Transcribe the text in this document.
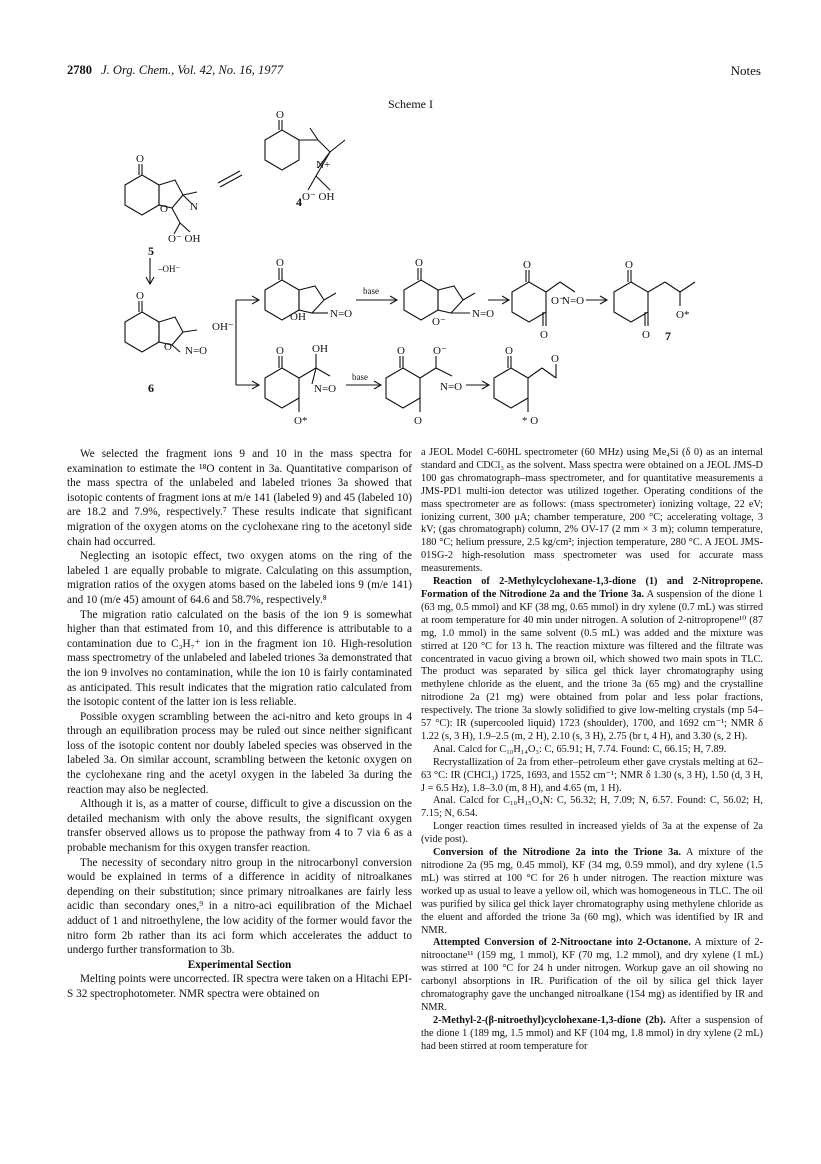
2780 J. Org. Chem., Vol. 42, No. 16, 1977	Notes
Scheme I
4
5
–OH⁻
6
OH⁻
base
base
7
O
N+
O⁻ OH
O
O N
O⁻ OH
O
O N=O
O
OH N=O
O
O⁻
N=O
O
O⁻
N=O
O
O
O*
O
O	OH
N=O
O*
O	O⁻
N=O
O
O
O
* O

We selected the fragment ions 9 and 10 in the mass spectra for examination to estimate the ¹⁸O content in 3a. Quantitative comparison of the mass spectra of the unlabeled and labeled triones 3a showed that isotopic contents of fragment ions at m/e 141 (labeled 9) and 45 (labeled 10) are 18.2 and 7.9%, respectively.⁷ These results indicate that significant migration of the oxygen atoms on the cyclohexane ring to the acetonyl side chain had occurred.

Neglecting an isotopic effect, two oxygen atoms on the ring of the labeled 1 are equally probable to migrate. Calculating on this assumption, migration ratios of the oxygen atoms based on the labeled ions 9 (m/e 141) and 10 (m/e 45) amount of 64.6 and 58.7%, respectively.⁸

The migration ratio calculated on the basis of the ion 9 is somewhat higher than that estimated from 10, and this difference is attributable to a contamination due to C₃H₇⁺ ion in the fragment ion 10. High-resolution mass spectrometry of the unlabeled and labeled triones 3a demonstrated that the ion 9 involves no contamination, while the ion 10 is fairly contaminated as anticipated. This result indicates that the migration ratio calculated from the isotopic content of the latter ion is less reliable.

Possible oxygen scrambling between the aci-nitro and keto groups in 4 through an equilibration process may be ruled out since neither significant loss of the isotopic content nor doubly labeled species was observed in the labeled 3a. On similar account, scrambling between the ketonic oxygen on the cyclohexane ring and the acetyl oxygen in the labeled 3a during the reaction may also be neglected.

Although it is, as a matter of course, difficult to give a discussion on the detailed mechanism with only the above results, the significant oxygen transfer observed allows us to propose the pathway from 4 to 7 via 6 as a probable mechanism for this oxygen transfer reaction.

The necessity of secondary nitro group in the nitrocarbonyl conversion would be explained in terms of a difference in acidity of nitroalkanes depending on their substitution; since primary nitroalkanes are fairly less acidic than secondary ones,⁹ in a nitro-aci equilibration of the Michael adduct of 1 and nitroethylene, the low acidity of the former would favor the nitro form 2b rather than its aci form which accelerates the adduct to undergo further transformation to 3b.

Experimental Section

Melting points were uncorrected. IR spectra were taken on a Hitachi EPI-S 32 spectrophotometer. NMR spectra were obtained on

a JEOL Model C-60HL spectrometer (60 MHz) using Me₄Si (δ 0) as an internal standard and CDCl₃ as the solvent. Mass spectra were obtained on a JEOL JMS-D 100 gas chromatograph–mass spectrometer, and for quantitative measurements a JMS-PD1 multi-ion detector was utilized together. Operating conditions of the mass spectrometer are as follows: (mass spectrometer) ionizing voltage, 22 eV; ionizing current, 300 μA; chamber temperature, 200 °C; accelerating voltage, 3 kV; (gas chromatograph) column, 2% OV-17 (2 mm × 3 m); column temperature, 180 °C; helium pressure, 2.5 kg/cm²; injection temperature, 280 °C. A JEOL JMS-01SG-2 high-resolution mass spectrometer was used for accurate mass measurements.

Reaction of 2-Methylcyclohexane-1,3-dione (1) and 2-Nitropropene. Formation of the Nitrodione 2a and the Trione 3a. A suspension of the dione 1 (63 mg, 0.5 mmol) and KF (38 mg, 0.65 mmol) in dry xylene (0.7 mL) was stirred at room temperature for 40 min under nitrogen. A solution of 2-nitropropene¹⁰ (87 mg, 1.0 mmol) in the same solvent (0.5 mL) was added and the mixture was stirred at 120 °C for 13 h. The reaction mixture was filtered and the filtrate was concentrated in vacuo giving a brown oil, which showed two main spots in TLC. The product was separated by silica gel thick layer chromatography using methylene chloride as the eluent, and the trione 3a (65 mg) and the crystalline nitrodione 2a (21 mg) were obtained from polar and less polar fractions, respectively. The trione 3a slowly solidified to give low-melting crystals (mp 54–57 °C): IR (supercooled liquid) 1723 (shoulder), 1700, and 1692 cm⁻¹; NMR δ 1.22 (s, 3 H), 1.9–2.5 (m, 2 H), 2.10 (s, 3 H), 2.75 (br t, 4 H), and 3.30 (s, 2 H).

Anal. Calcd for C₁₀H₁₄O₃: C, 65.91; H, 7.74. Found: C, 66.15; H, 7.89.

Recrystallization of 2a from ether–petroleum ether gave crystals melting at 62–63 °C: IR (CHCl₃) 1725, 1693, and 1552 cm⁻¹; NMR δ 1.30 (s, 3 H), 1.50 (d, 3 H, J = 6.5 Hz), 1.8–3.0 (m, 8 H), and 4.65 (m, 1 H).

Anal. Calcd for C₁₀H₁₅O₄N: C, 56.32; H, 7.09; N, 6.57. Found: C, 56.02; H, 7.15; N, 6.54.

Longer reaction times resulted in increased yields of 3a at the expense of 2a (vide post).

Conversion of the Nitrodione 2a into the Trione 3a. A mixture of the nitrodione 2a (95 mg, 0.45 mmol), KF (34 mg, 0.59 mmol), and dry xylene (1.5 mL) was stirred at 100 °C for 26 h under nitrogen. The reaction mixture was worked up as usual to leave a yellow oil, which was homogeneous in TLC. The oil was purified by silica gel thick layer chromatography using methylene chloride as the eluent and afforded the trione 3a (60 mg), which was identified by IR and NMR.

Attempted Conversion of 2-Nitrooctane into 2-Octanone. A mixture of 2-nitrooctane¹¹ (159 mg, 1 mmol), KF (70 mg, 1.2 mmol), and dry xylene (1 mL) was stirred at 100 °C for 24 h under nitrogen. Workup gave an oil showing no carbonyl absorptions in IR. Purification of the oil by silica gel thick layer chromatography gave the unchanged nitroalkane (154 mg) as identified by IR and NMR.

2-Methyl-2-(β-nitroethyl)cyclohexane-1,3-dione (2b). After a suspension of the dione 1 (189 mg, 1.5 mmol) and KF (104 mg, 1.8 mmol) in dry xylene (2 mL) had been stirred at room temperature for
